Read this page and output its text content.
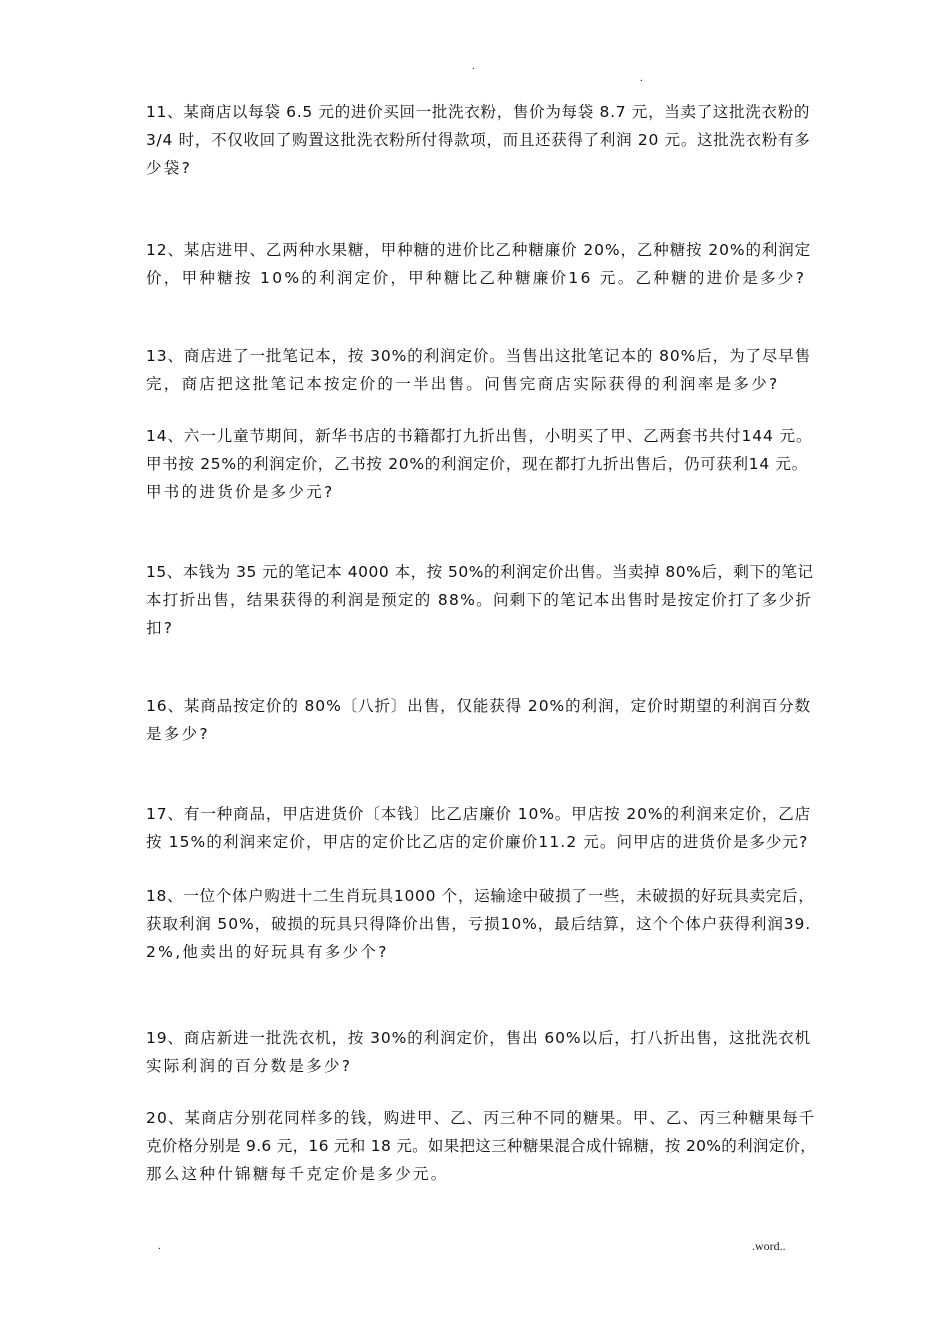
.
.
11、某商店以每袋 6.5 元的进价买回一批洗衣粉，售价为每袋 8.7 元，当卖了这批洗衣粉的
3/4 时，不仅收回了购置这批洗衣粉所付得款项，而且还获得了利润 20 元。这批洗衣粉有多
少袋?
12、某店进甲、乙两种水果糖，甲种糖的进价比乙种糖廉价 20%，乙种糖按 20%的利润定
价，甲种糖按 10%的利润定价，甲种糖比乙种糖廉价16 元。乙种糖的进价是多少?
13、商店进了一批笔记本，按 30%的利润定价。当售出这批笔记本的 80%后，为了尽早售
完，商店把这批笔记本按定价的一半出售。问售完商店实际获得的利润率是多少?
14、六一儿童节期间，新华书店的书籍都打九折出售，小明买了甲、乙两套书共付144 元。
甲书按 25%的利润定价，乙书按 20%的利润定价，现在都打九折出售后，仍可获利14 元。
甲书的进货价是多少元?
15、本钱为 35 元的笔记本 4000 本，按 50%的利润定价出售。当卖掉 80%后，剩下的笔记
本打折出售，结果获得的利润是预定的 88%。问剩下的笔记本出售时是按定价打了多少折
扣?
16、某商品按定价的 80%〔八折〕出售，仅能获得 20%的利润，定价时期望的利润百分数
是多少?
17、有一种商品，甲店进货价〔本钱〕比乙店廉价 10%。甲店按 20%的利润来定价，乙店
按 15%的利润来定价，甲店的定价比乙店的定价廉价11.2 元。问甲店的进货价是多少元?
18、一位个体户购进十二生肖玩具1000 个，运输途中破损了一些，未破损的好玩具卖完后，
获取利润 50%，破损的玩具只得降价出售，亏损10%，最后结算，这个个体户获得利润39.
2%,他卖出的好玩具有多少个?
19、商店新进一批洗衣机，按 30%的利润定价，售出 60%以后，打八折出售，这批洗衣机
实际利润的百分数是多少?
20、某商店分别花同样多的钱，购进甲、乙、丙三种不同的糖果。甲、乙、丙三种糖果每千
克价格分别是 9.6 元，16 元和 18 元。如果把这三种糖果混合成什锦糖，按 20%的利润定价，
那么这种什锦糖每千克定价是多少元。
.	.word..
